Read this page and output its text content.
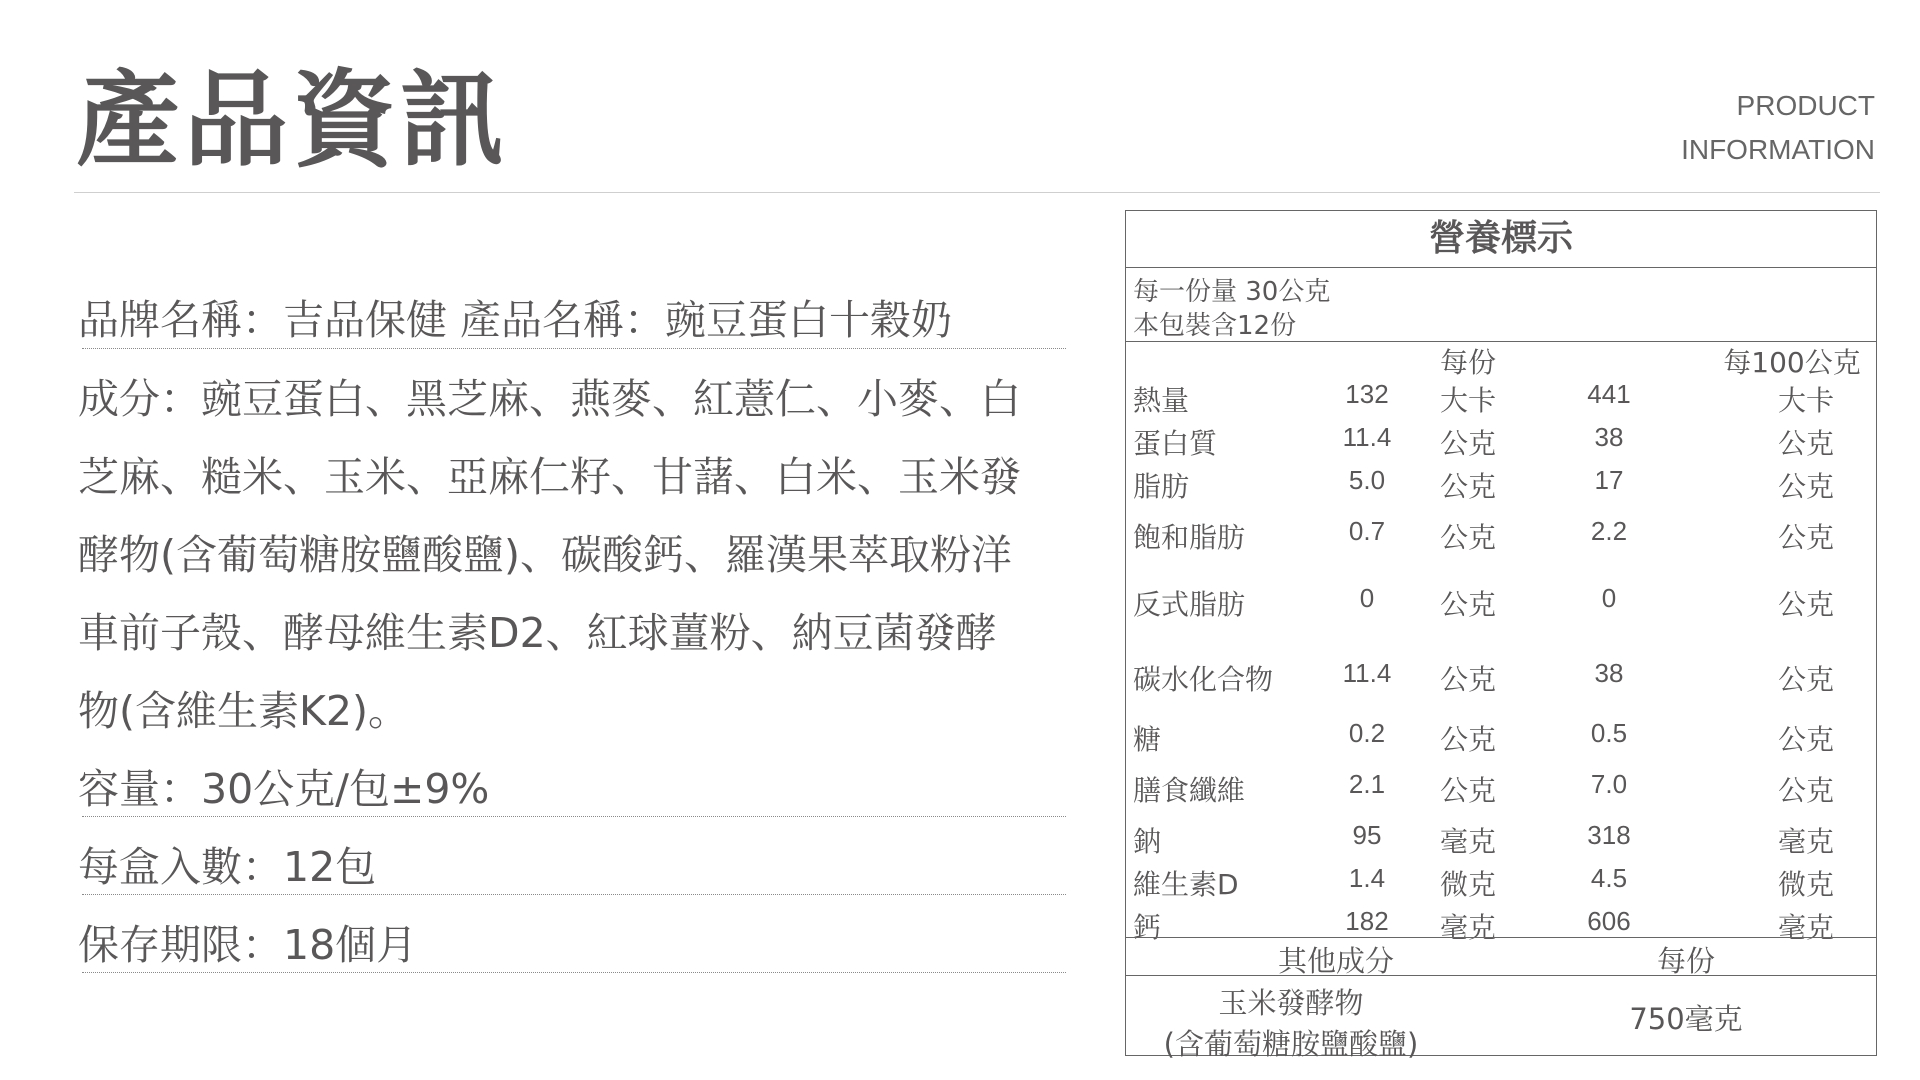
產品資訊	PRODUCT
INFORMATION
品牌名稱：吉品保健 產品名稱：豌豆蛋白十穀奶
成分：豌豆蛋白、黑芝麻、燕麥、紅薏仁、小麥、白
芝麻、糙米、玉米、亞麻仁籽、甘藷、白米、玉米發
酵物(含葡萄糖胺鹽酸鹽)、碳酸鈣、羅漢果萃取粉洋
車前子殼、酵母維生素D2、紅球薑粉、納豆菌發酵
物(含維生素K2)。
容量：30公克/包±9%
每盒入數：12包
保存期限：18個月
營養標示
每一份量 30公克
本包裝含12份
每份	每100公克
熱量	132	大卡	441	大卡
蛋白質	11.4	公克	38	公克
脂肪	5.0	公克	17	公克
飽和脂肪	0.7	公克	2.2	公克
反式脂肪	0	公克	0	公克
碳水化合物	11.4	公克	38	公克
糖	0.2	公克	0.5	公克
膳食纖維	2.1	公克	7.0	公克
鈉	95	毫克	318	毫克
維生素D	1.4	微克	4.5	微克
鈣	182	毫克	606	毫克
其他成分	每份
玉米發酵物
(含葡萄糖胺鹽酸鹽)
750毫克
